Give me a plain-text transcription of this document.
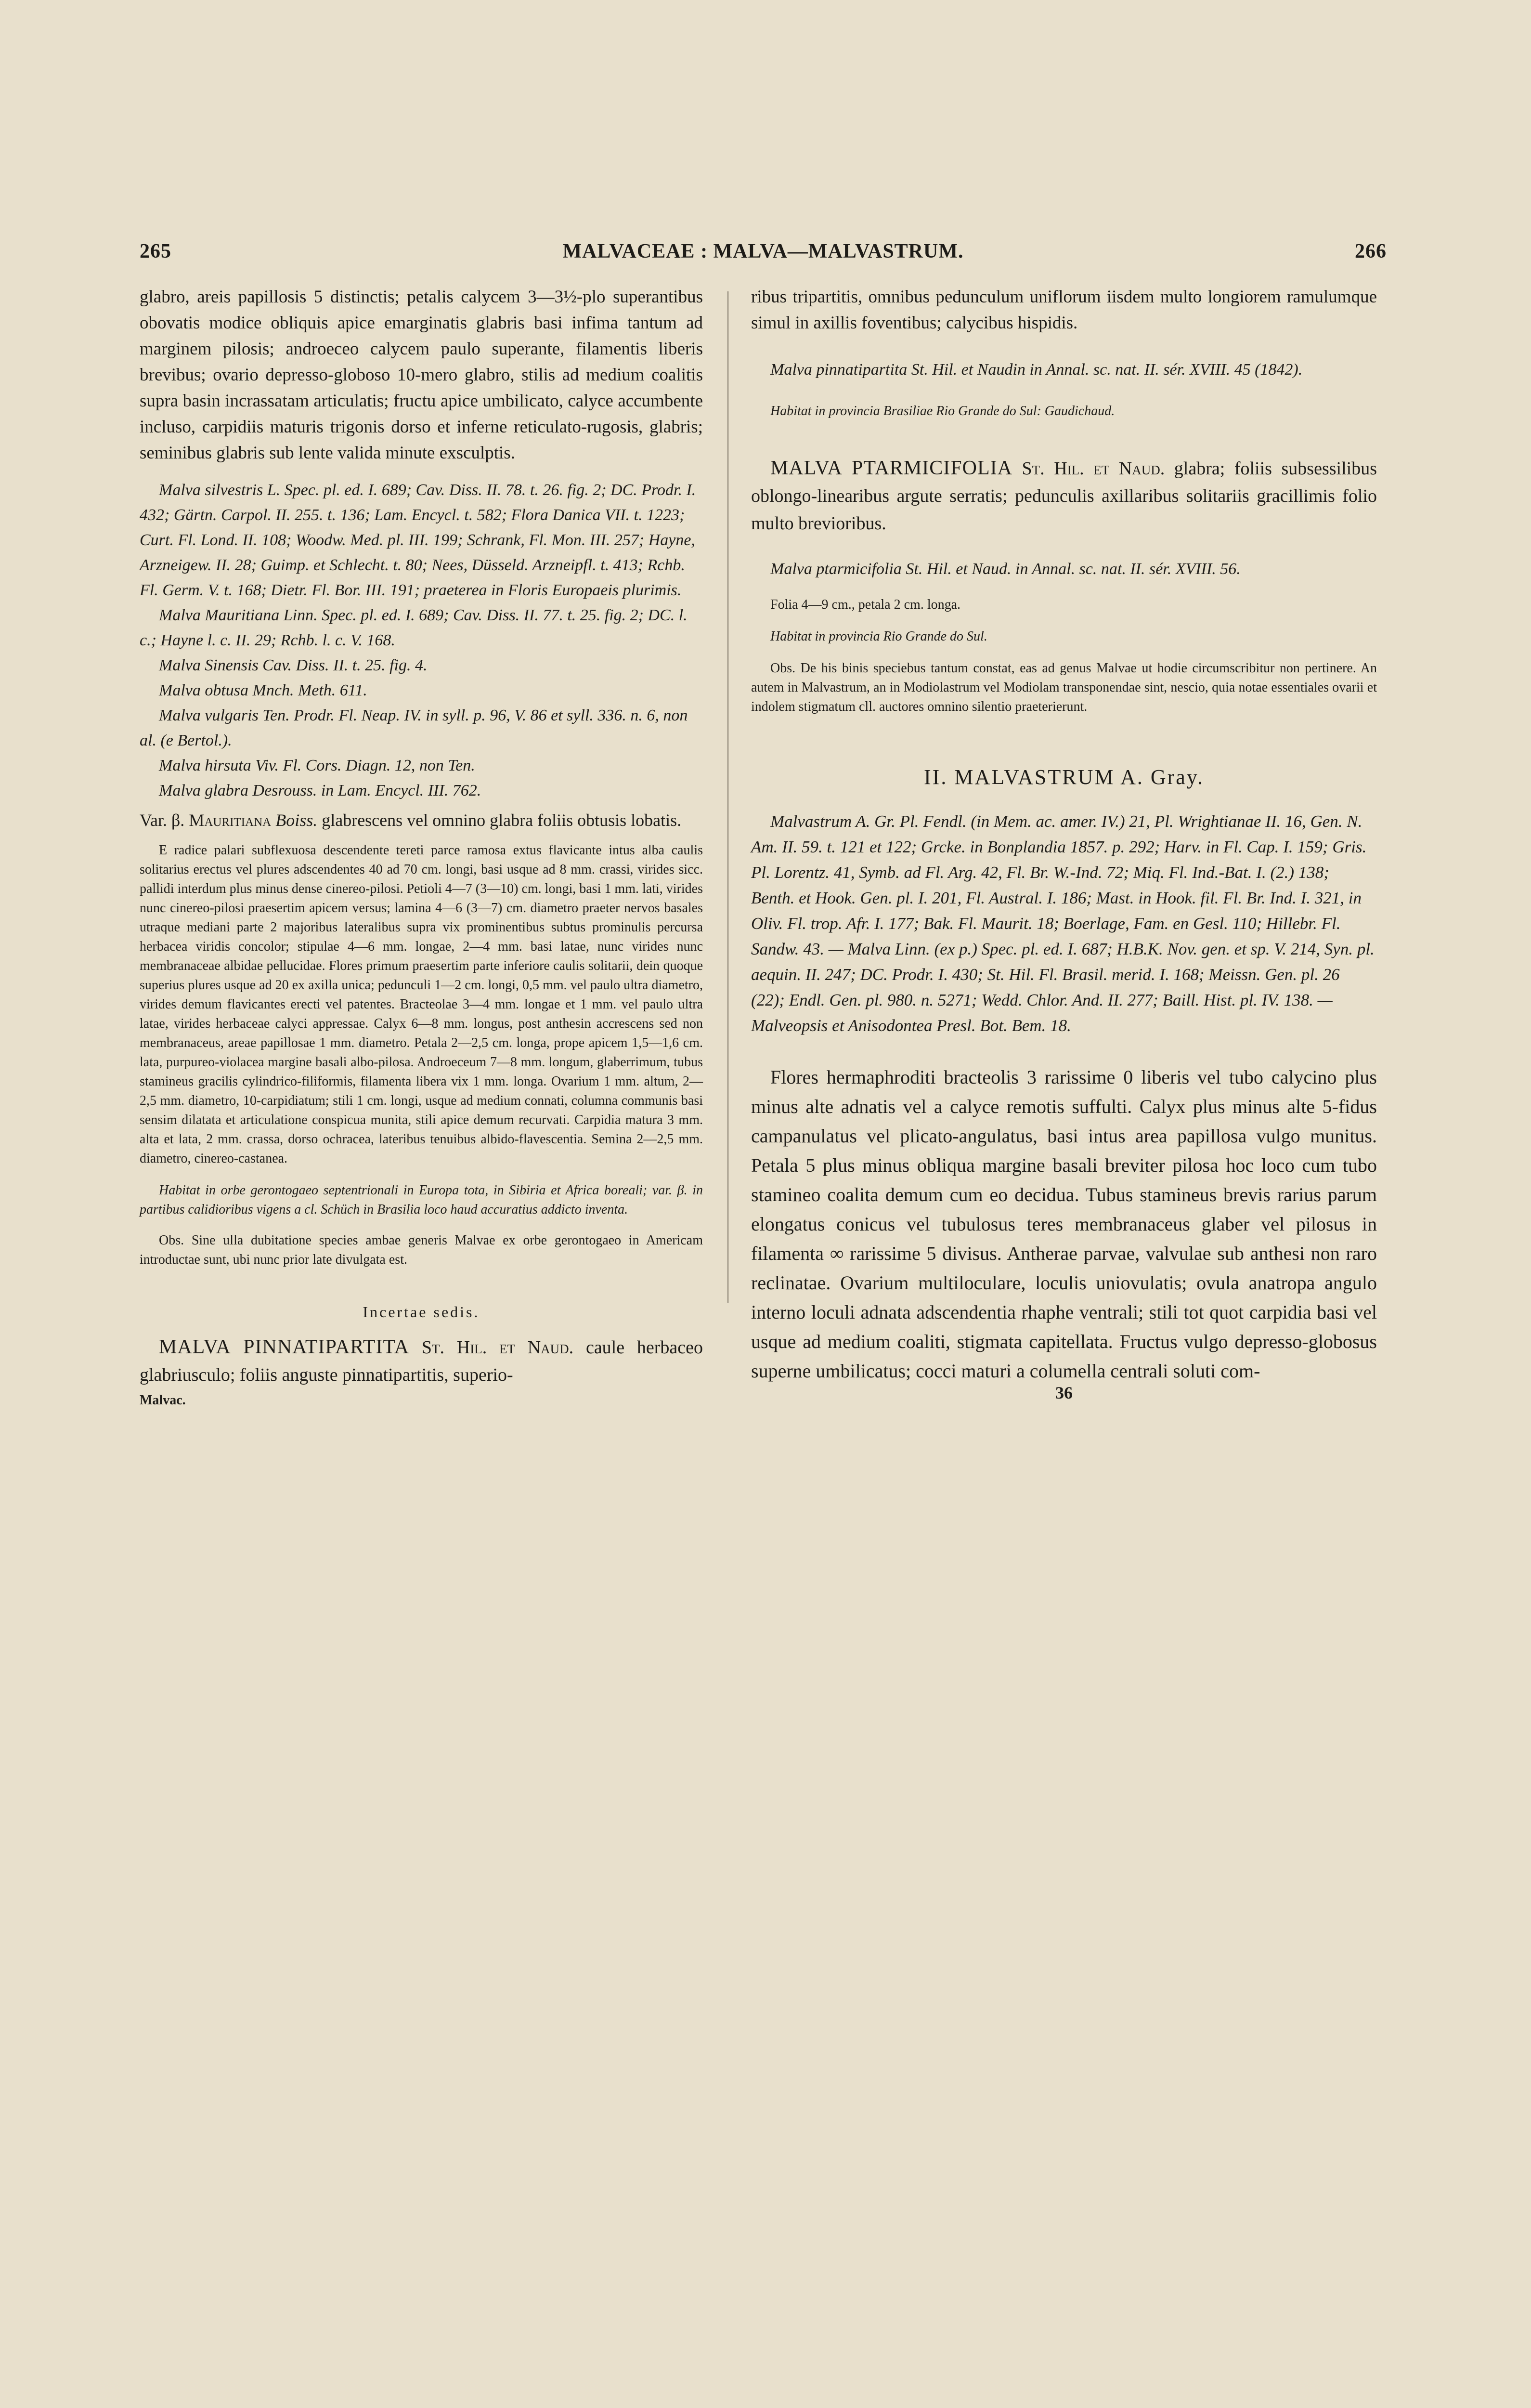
265	MALVACEAE : MALVA—MALVASTRUM.	266

glabro, areis papillosis 5 distinctis; petalis calycem 3—3½-plo superantibus obovatis modice obliquis apice emarginatis glabris basi infima tantum ad marginem pilosis; androeceo calycem paulo superante, filamentis liberis brevibus; ovario depresso-globoso 10-mero glabro, stilis ad medium coalitis supra basin incrassatam articulatis; fructu apice umbilicato, calyce accumbente incluso, carpidiis maturis trigonis dorso et inferne reticulato-rugosis, glabris; seminibus glabris sub lente valida minute exsculptis.

Malva silvestris L. Spec. pl. ed. I. 689; Cav. Diss. II. 78. t. 26. fig. 2; DC. Prodr. I. 432; Gärtn. Carpol. II. 255. t. 136; Lam. Encycl. t. 582; Flora Danica VII. t. 1223; Curt. Fl. Lond. II. 108; Woodw. Med. pl. III. 199; Schrank, Fl. Mon. III. 257; Hayne, Arzneigew. II. 28; Guimp. et Schlecht. t. 80; Nees, Düsseld. Arzneipfl. t. 413; Rchb. Fl. Germ. V. t. 168; Dietr. Fl. Bor. III. 191; praeterea in Floris Europaeis plurimis.

Malva Mauritiana Linn. Spec. pl. ed. I. 689; Cav. Diss. II. 77. t. 25. fig. 2; DC. l. c.; Hayne l. c. II. 29; Rchb. l. c. V. 168.

Malva Sinensis Cav. Diss. II. t. 25. fig. 4.

Malva obtusa Mnch. Meth. 611.

Malva vulgaris Ten. Prodr. Fl. Neap. IV. in syll. p. 96, V. 86 et syll. 336. n. 6, non al. (e Bertol.).

Malva hirsuta Viv. Fl. Cors. Diagn. 12, non Ten.

Malva glabra Desrouss. in Lam. Encycl. III. 762.

Var. β. Mauritiana Boiss. glabrescens vel omnino glabra foliis obtusis lobatis.

E radice palari subflexuosa descendente tereti parce ramosa extus flavicante intus alba caulis solitarius erectus vel plures adscendentes 40 ad 70 cm. longi, basi usque ad 8 mm. crassi, virides sicc. pallidi interdum plus minus dense cinereo-pilosi. Petioli 4—7 (3—10) cm. longi, basi 1 mm. lati, virides nunc cinereo-pilosi praesertim apicem versus; lamina 4—6 (3—7) cm. diametro praeter nervos basales utraque mediani parte 2 majoribus lateralibus supra vix prominentibus subtus prominulis percursa herbacea viridis concolor; stipulae 4—6 mm. longae, 2—4 mm. basi latae, nunc virides nunc membranaceae albidae pellucidae. Flores primum praesertim parte inferiore caulis solitarii, dein quoque superius plures usque ad 20 ex axilla unica; pedunculi 1—2 cm. longi, 0,5 mm. vel paulo ultra diametro, virides demum flavicantes erecti vel patentes. Bracteolae 3—4 mm. longae et 1 mm. vel paulo ultra latae, virides herbaceae calyci appressae. Calyx 6—8 mm. longus, post anthesin accrescens sed non membranaceus, areae papillosae 1 mm. diametro. Petala 2—2,5 cm. longa, prope apicem 1,5—1,6 cm. lata, purpureo-violacea margine basali albo-pilosa. Androeceum 7—8 mm. longum, glaberrimum, tubus stamineus gracilis cylindrico-filiformis, filamenta libera vix 1 mm. longa. Ovarium 1 mm. altum, 2—2,5 mm. diametro, 10-carpidiatum; stili 1 cm. longi, usque ad medium connati, columna communis basi sensim dilatata et articulatione conspicua munita, stili apice demum recurvati. Carpidia matura 3 mm. alta et lata, 2 mm. crassa, dorso ochracea, lateribus tenuibus albido-flavescentia. Semina 2—2,5 mm. diametro, cinereo-castanea.

Habitat in orbe gerontogaeo septentrionali in Europa tota, in Sibiria et Africa boreali; var. β. in partibus calidioribus vigens a cl. Schüch in Brasilia loco haud accuratius addicto inventa.

Obs. Sine ulla dubitatione species ambae generis Malvae ex orbe gerontogaeo in Americam introductae sunt, ubi nunc prior late divulgata est.

Incertae sedis.

MALVA PINNATIPARTITA St. Hil. et Naud. caule herbaceo glabriusculo; foliis anguste pinnatipartitis, superio-

Malvac.

ribus tripartitis, omnibus pedunculum uniflorum iisdem multo longiorem ramulumque simul in axillis foventibus; calycibus hispidis.

Malva pinnatipartita St. Hil. et Naudin in Annal. sc. nat. II. sér. XVIII. 45 (1842).

Habitat in provincia Brasiliae Rio Grande do Sul: Gaudichaud.

MALVA PTARMICIFOLIA St. Hil. et Naud. glabra; foliis subsessilibus oblongo-linearibus argute serratis; pedunculis axillaribus solitariis gracillimis folio multo brevioribus.

Malva ptarmicifolia St. Hil. et Naud. in Annal. sc. nat. II. sér. XVIII. 56.

Folia 4—9 cm., petala 2 cm. longa.

Habitat in provincia Rio Grande do Sul.

Obs. De his binis speciebus tantum constat, eas ad genus Malvae ut hodie circumscribitur non pertinere. An autem in Malvastrum, an in Modiolastrum vel Modiolam transponendae sint, nescio, quia notae essentiales ovarii et indolem stigmatum cll. auctores omnino silentio praeterierunt.

II. MALVASTRUM A. Gray.

Malvastrum A. Gr. Pl. Fendl. (in Mem. ac. amer. IV.) 21, Pl. Wrightianae II. 16, Gen. N. Am. II. 59. t. 121 et 122; Grcke. in Bonplandia 1857. p. 292; Harv. in Fl. Cap. I. 159; Gris. Pl. Lorentz. 41, Symb. ad Fl. Arg. 42, Fl. Br. W.-Ind. 72; Miq. Fl. Ind.-Bat. I. (2.) 138; Benth. et Hook. Gen. pl. I. 201, Fl. Austral. I. 186; Mast. in Hook. fil. Fl. Br. Ind. I. 321, in Oliv. Fl. trop. Afr. I. 177; Bak. Fl. Maurit. 18; Boerlage, Fam. en Gesl. 110; Hillebr. Fl. Sandw. 43. — Malva Linn. (ex p.) Spec. pl. ed. I. 687; H.B.K. Nov. gen. et sp. V. 214, Syn. pl. aequin. II. 247; DC. Prodr. I. 430; St. Hil. Fl. Brasil. merid. I. 168; Meissn. Gen. pl. 26 (22); Endl. Gen. pl. 980. n. 5271; Wedd. Chlor. And. II. 277; Baill. Hist. pl. IV. 138. — Malveopsis et Anisodontea Presl. Bot. Bem. 18.

Flores hermaphroditi bracteolis 3 rarissime 0 liberis vel tubo calycino plus minus alte adnatis vel a calyce remotis suffulti. Calyx plus minus alte 5-fidus campanulatus vel plicato-angulatus, basi intus area papillosa vulgo munitus. Petala 5 plus minus obliqua margine basali breviter pilosa hoc loco cum tubo stamineo coalita demum cum eo decidua. Tubus stamineus brevis rarius parum elongatus conicus vel tubulosus teres membranaceus glaber vel pilosus in filamenta ∞ rarissime 5 divisus. Antherae parvae, valvulae sub anthesi non raro reclinatae. Ovarium multiloculare, loculis uniovulatis; ovula anatropa angulo interno loculi adnata adscendentia rhaphe ventrali; stili tot quot carpidia basi vel usque ad medium coaliti, stigmata capitellata. Fructus vulgo depresso-globosus superne umbilicatus; cocci maturi a columella centrali soluti com-

36
